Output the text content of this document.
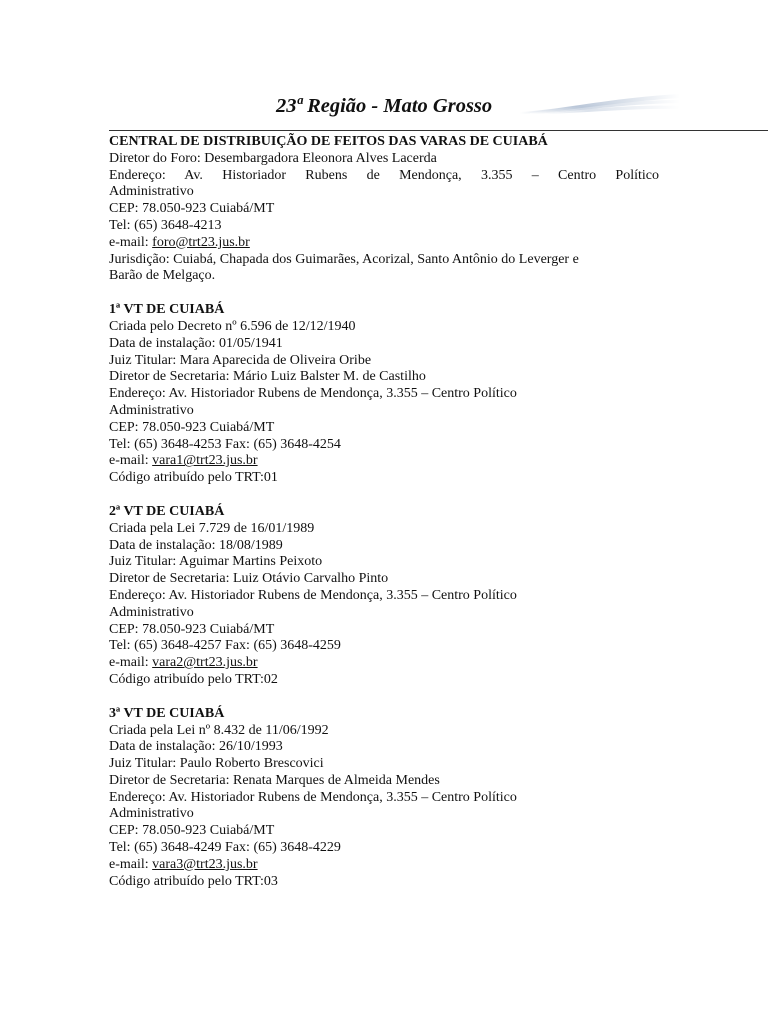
23ª Região - Mato Grosso
CENTRAL DE DISTRIBUIÇÃO DE FEITOS DAS VARAS DE CUIABÁ
Diretor do Foro: Desembargadora Eleonora Alves Lacerda
Endereço: Av. Historiador Rubens de Mendonça, 3.355 – Centro Político
Administrativo
CEP: 78.050-923 Cuiabá/MT
Tel: (65) 3648-4213
e-mail: foro@trt23.jus.br
Jurisdição: Cuiabá, Chapada dos Guimarães, Acorizal, Santo Antônio do Leverger e
Barão de Melgaço.
1ª VT DE CUIABÁ
Criada pelo Decreto nº 6.596 de 12/12/1940
Data de instalação: 01/05/1941
Juiz Titular: Mara Aparecida de Oliveira Oribe
Diretor de Secretaria: Mário Luiz Balster M. de Castilho
Endereço: Av. Historiador Rubens de Mendonça, 3.355 – Centro Político
Administrativo
CEP: 78.050-923 Cuiabá/MT
Tel: (65) 3648-4253 Fax: (65) 3648-4254
e-mail: vara1@trt23.jus.br
Código atribuído pelo TRT:01
2ª VT DE CUIABÁ
Criada pela Lei 7.729 de 16/01/1989
Data de instalação: 18/08/1989
Juiz Titular: Aguimar Martins Peixoto
Diretor de Secretaria: Luiz Otávio Carvalho Pinto
Endereço: Av. Historiador Rubens de Mendonça, 3.355 – Centro Político
Administrativo
CEP: 78.050-923 Cuiabá/MT
Tel: (65) 3648-4257 Fax: (65) 3648-4259
e-mail: vara2@trt23.jus.br
Código atribuído pelo TRT:02
3ª VT DE CUIABÁ
Criada pela Lei nº 8.432 de 11/06/1992
Data de instalação: 26/10/1993
Juiz Titular: Paulo Roberto Brescovici
Diretor de Secretaria: Renata Marques de Almeida Mendes
Endereço: Av. Historiador Rubens de Mendonça, 3.355 – Centro Político
Administrativo
CEP: 78.050-923 Cuiabá/MT
Tel: (65) 3648-4249 Fax: (65) 3648-4229
e-mail: vara3@trt23.jus.br
Código atribuído pelo TRT:03
